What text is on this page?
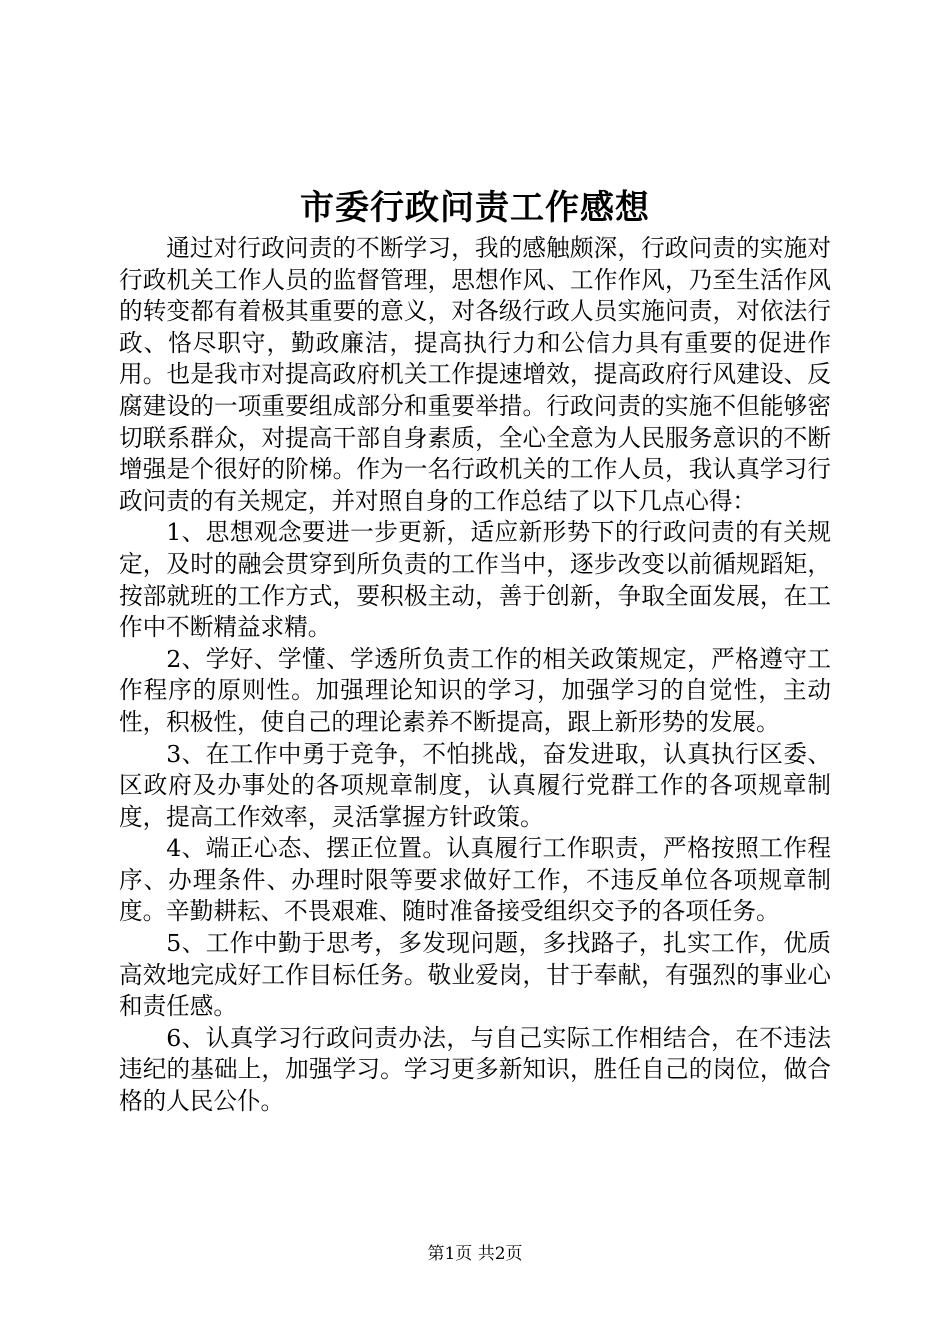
市委行政问责工作感想

通过对行政问责的不断学习，我的感触颇深，行政问责的实施对行政机关工作人员的监督管理，思想作风、工作作风，乃至生活作风的转变都有着极其重要的意义，对各级行政人员实施问责，对依法行政、恪尽职守，勤政廉洁，提高执行力和公信力具有重要的促进作用。也是我市对提高政府机关工作提速增效，提高政府行风建设、反腐建设的一项重要组成部分和重要举措。行政问责的实施不但能够密切联系群众，对提高干部自身素质，全心全意为人民服务意识的不断增强是个很好的阶梯。作为一名行政机关的工作人员，我认真学习行政问责的有关规定，并对照自身的工作总结了以下几点心得：

1、思想观念要进一步更新，适应新形势下的行政问责的有关规定，及时的融会贯穿到所负责的工作当中，逐步改变以前循规蹈矩，按部就班的工作方式，要积极主动，善于创新，争取全面发展，在工作中不断精益求精。

2、学好、学懂、学透所负责工作的相关政策规定，严格遵守工作程序的原则性。加强理论知识的学习，加强学习的自觉性，主动性，积极性，使自己的理论素养不断提高，跟上新形势的发展。

3、在工作中勇于竞争，不怕挑战，奋发进取，认真执行区委、区政府及办事处的各项规章制度，认真履行党群工作的各项规章制度，提高工作效率，灵活掌握方针政策。

4、端正心态、摆正位置。认真履行工作职责，严格按照工作程序、办理条件、办理时限等要求做好工作，不违反单位各项规章制度。辛勤耕耘、不畏艰难、随时准备接受组织交予的各项任务。

5、工作中勤于思考，多发现问题，多找路子，扎实工作，优质高效地完成好工作目标任务。敬业爱岗，甘于奉献，有强烈的事业心和责任感。

6、认真学习行政问责办法，与自己实际工作相结合，在不违法违纪的基础上，加强学习。学习更多新知识，胜任自己的岗位，做合格的人民公仆。

第1页 共2页
